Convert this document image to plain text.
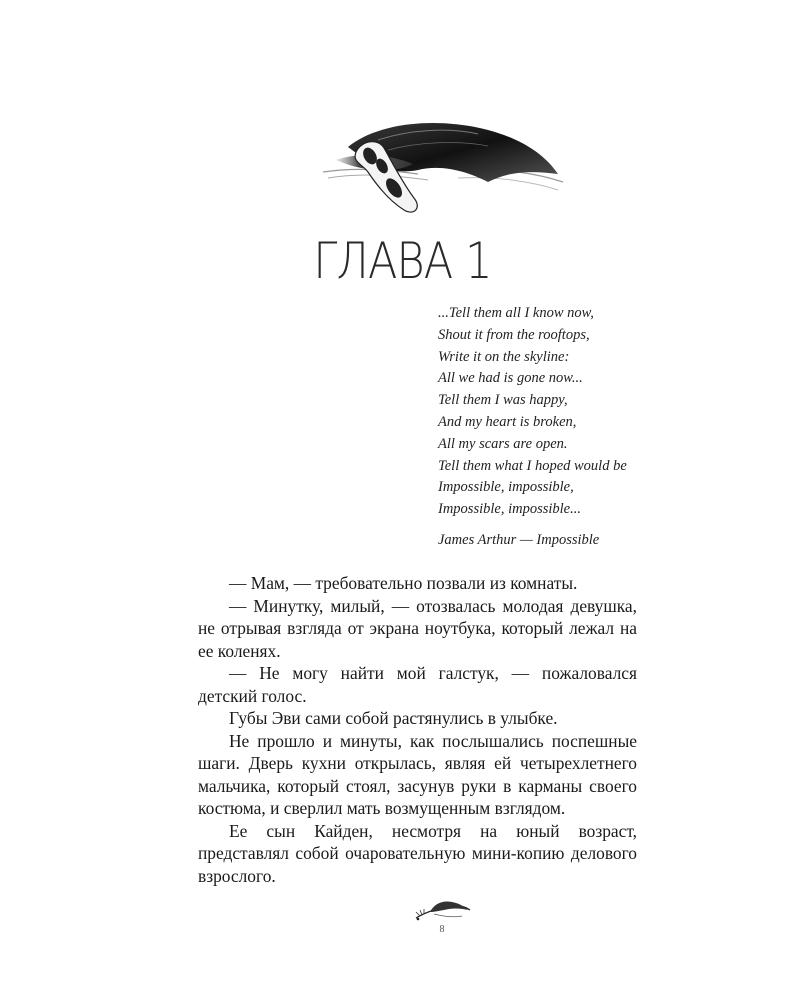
ГЛАВА 1
...Tell them all I know now,
Shout it from the rooftops,
Write it on the skyline:
All we had is gone now...
Tell them I was happy,
And my heart is broken,
All my scars are open.
Tell them what I hoped would be
Impossible, impossible,
Impossible, impossible...
James Arthur — Impossible

— Мам, — требовательно позвали из комнаты.

— Минутку, милый, — отозвалась молодая девушка, не отрывая взгляда от экрана ноутбука, который лежал на ее коленях.

— Не могу найти мой галстук, — пожаловался детский голос.

Губы Эви сами собой растянулись в улыбке.

Не прошло и минуты, как послышались поспешные шаги. Дверь кухни открылась, являя ей четырехлетнего мальчика, который стоял, засунув руки в карманы своего костюма, и сверлил мать возмущенным взглядом.

Ее сын Кайден, несмотря на юный возраст, представлял собой очаровательную мини-копию делового взрослого.

8
